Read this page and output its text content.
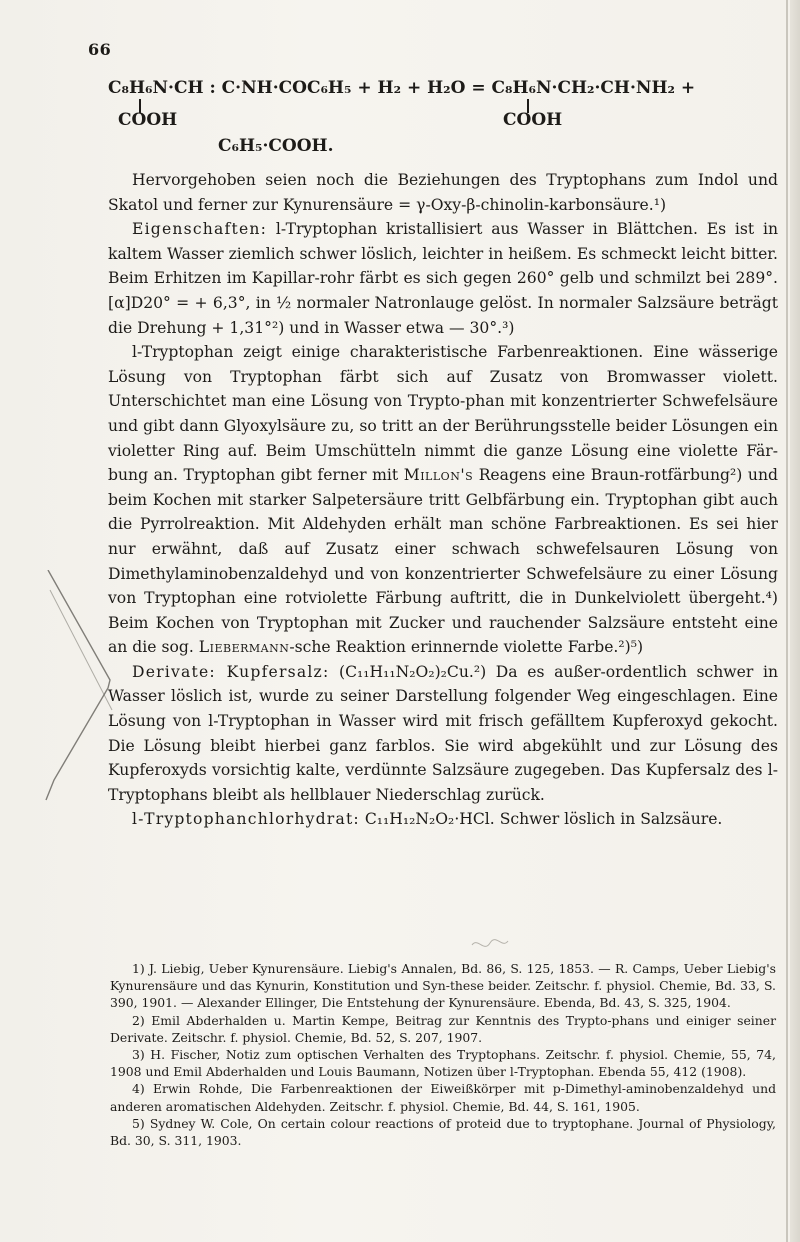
66
C₈H₆N·CH : C·NH·COC₆H₅ + H₂ + H₂O = C₈H₆N·CH₂·CH·NH₂ +
COOH	COOH
C₆H₅·COOH.

Hervorgehoben seien noch die Beziehungen des Tryptophans zum Indol und Skatol und ferner zur Kynurensäure = γ-Oxy-β-chinolin-karbonsäure.¹)

Eigenschaften: l-Tryptophan kristallisiert aus Wasser in Blättchen. Es ist in kaltem Wasser ziemlich schwer löslich, leichter in heißem. Es schmeckt leicht bitter. Beim Erhitzen im Kapillar-rohr färbt es sich gegen 260° gelb und schmilzt bei 289°. [α]D20° = + 6,3°, in ½ normaler Natronlauge gelöst. In normaler Salzsäure beträgt die Drehung + 1,31°²) und in Wasser etwa — 30°.³)

l-Tryptophan zeigt einige charakteristische Farbenreaktionen. Eine wässerige Lösung von Tryptophan färbt sich auf Zusatz von Bromwasser violett. Unterschichtet man eine Lösung von Trypto-phan mit konzentrierter Schwefelsäure und gibt dann Glyoxylsäure zu, so tritt an der Berührungsstelle beider Lösungen ein violetter Ring auf. Beim Umschütteln nimmt die ganze Lösung eine violette Fär-bung an. Tryptophan gibt ferner mit Millon's Reagens eine Braun-rotfärbung²) und beim Kochen mit starker Salpetersäure tritt Gelbfärbung ein. Tryptophan gibt auch die Pyrrolreaktion. Mit Aldehyden erhält man schöne Farbreaktionen. Es sei hier nur erwähnt, daß auf Zusatz einer schwach schwefelsauren Lösung von Dimethylaminobenzaldehyd und von konzentrierter Schwefelsäure zu einer Lösung von Tryptophan eine rotviolette Färbung auftritt, die in Dunkelviolett übergeht.⁴) Beim Kochen von Tryptophan mit Zucker und rauchender Salzsäure entsteht eine an die sog. Liebermann-sche Reaktion erinnernde violette Farbe.²)⁵)

Derivate: Kupfersalz: (C₁₁H₁₁N₂O₂)₂Cu.²) Da es außer-ordentlich schwer in Wasser löslich ist, wurde zu seiner Darstellung folgender Weg eingeschlagen. Eine Lösung von l-Tryptophan in Wasser wird mit frisch gefälltem Kupferoxyd gekocht. Die Lösung bleibt hierbei ganz farblos. Sie wird abgekühlt und zur Lösung des Kupferoxyds vorsichtig kalte, verdünnte Salzsäure zugegeben. Das Kupfersalz des l-Tryptophans bleibt als hellblauer Niederschlag zurück.

l-Tryptophanchlorhydrat: C₁₁H₁₂N₂O₂·HCl. Schwer löslich in Salzsäure.

1) J. Liebig, Ueber Kynurensäure. Liebig's Annalen, Bd. 86, S. 125, 1853. — R. Camps, Ueber Liebig's Kynurensäure und das Kynurin, Konstitution und Syn-these beider. Zeitschr. f. physiol. Chemie, Bd. 33, S. 390, 1901. — Alexander Ellinger, Die Entstehung der Kynurensäure. Ebenda, Bd. 43, S. 325, 1904.

2) Emil Abderhalden u. Martin Kempe, Beitrag zur Kenntnis des Trypto-phans und einiger seiner Derivate. Zeitschr. f. physiol. Chemie, Bd. 52, S. 207, 1907.

3) H. Fischer, Notiz zum optischen Verhalten des Tryptophans. Zeitschr. f. physiol. Chemie, 55, 74, 1908 und Emil Abderhalden und Louis Baumann, Notizen über l-Tryptophan. Ebenda 55, 412 (1908).

4) Erwin Rohde, Die Farbenreaktionen der Eiweißkörper mit p-Dimethyl-aminobenzaldehyd und anderen aromatischen Aldehyden. Zeitschr. f. physiol. Chemie, Bd. 44, S. 161, 1905.

5) Sydney W. Cole, On certain colour reactions of proteid due to tryptophane. Journal of Physiology, Bd. 30, S. 311, 1903.
